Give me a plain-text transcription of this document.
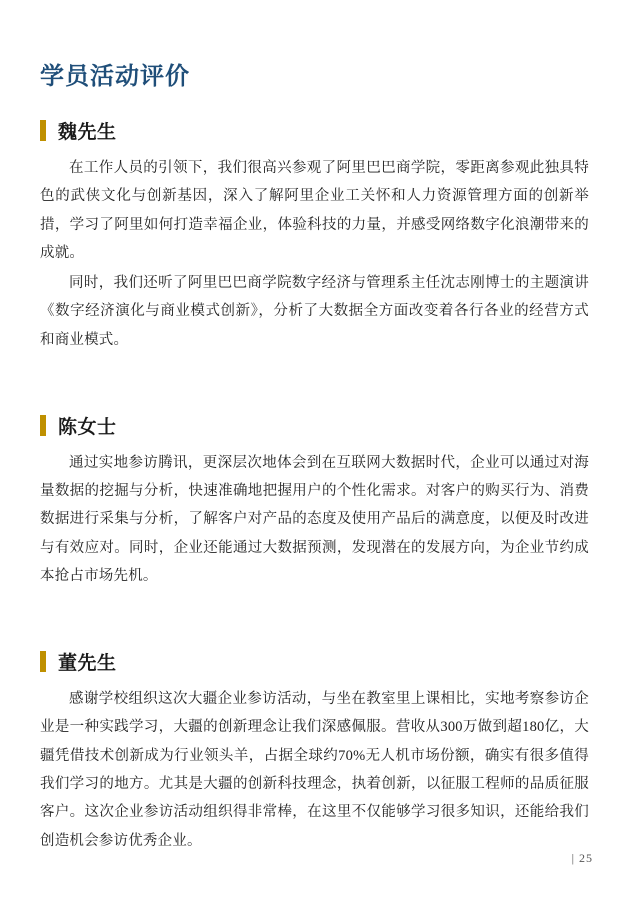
学员活动评价
魏先生

在工作人员的引领下，我们很高兴参观了阿里巴巴商学院，零距离参观此独具特色的武侠文化与创新基因，深入了解阿里企业工关怀和人力资源管理方面的创新举措，学习了阿里如何打造幸福企业，体验科技的力量，并感受网络数字化浪潮带来的成就。

同时，我们还听了阿里巴巴商学院数字经济与管理系主任沈志刚博士的主题演讲《数字经济演化与商业模式创新》，分析了大数据全方面改变着各行各业的经营方式和商业模式。

陈女士

通过实地参访腾讯，更深层次地体会到在互联网大数据时代，企业可以通过对海量数据的挖掘与分析，快速准确地把握用户的个性化需求。对客户的购买行为、消费数据进行采集与分析，了解客户对产品的态度及使用产品后的满意度，以便及时改进与有效应对。同时，企业还能通过大数据预测，发现潜在的发展方向，为企业节约成本抢占市场先机。

董先生

感谢学校组织这次大疆企业参访活动，与坐在教室里上课相比，实地考察参访企业是一种实践学习，大疆的创新理念让我们深感佩服。营收从300万做到超180亿，大疆凭借技术创新成为行业领头羊，占据全球约70%无人机市场份额，确实有很多值得我们学习的地方。尤其是大疆的创新科技理念，执着创新，以征服工程师的品质征服客户。这次企业参访活动组织得非常棒，在这里不仅能够学习很多知识，还能给我们创造机会参访优秀企业。

| 25
